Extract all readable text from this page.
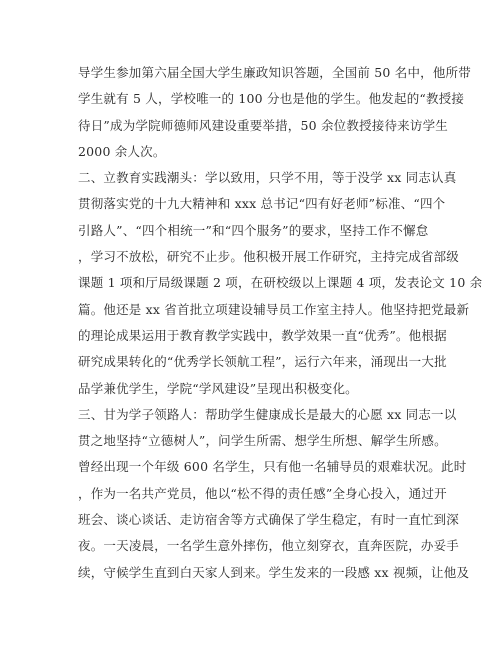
导学生参加第六届全国大学生廉政知识答题，全国前 50 名中，他所带
学生就有 5 人，学校唯一的 100 分也是他的学生。他发起的“教授接
待日”成为学院师德师风建设重要举措，50 余位教授接待来访学生
2000 余人次。
二、立教育实践潮头：学以致用，只学不用，等于没学 xx 同志认真
贯彻落实党的十九大精神和 xxx 总书记“四有好老师”标准、“四个
引路人”、“四个相统一”和“四个服务”的要求，坚持工作不懈怠
，学习不放松，研究不止步。他积极开展工作研究，主持完成省部级
课题 1 项和厅局级课题 2 项，在研校级以上课题 4 项，发表论文 10 余
篇。他还是 xx 省首批立项建设辅导员工作室主持人。他坚持把党最新
的理论成果运用于教育教学实践中，教学效果一直“优秀”。他根据
研究成果转化的“优秀学长领航工程”，运行六年来，涌现出一大批
品学兼优学生，学院“学风建设”呈现出积极变化。
三、甘为学子领路人：帮助学生健康成长是最大的心愿 xx 同志一以
贯之地坚持“立德树人”，问学生所需、想学生所想、解学生所感。
曾经出现一个年级 600 名学生，只有他一名辅导员的艰难状况。此时
，作为一名共产党员，他以“松不得的责任感”全身心投入，通过开
班会、谈心谈话、走访宿舍等方式确保了学生稳定，有时一直忙到深
夜。一天凌晨，一名学生意外摔伤，他立刻穿衣，直奔医院，办妥手
续，守候学生直到白天家人到来。学生发来的一段感 xx 视频，让他及
